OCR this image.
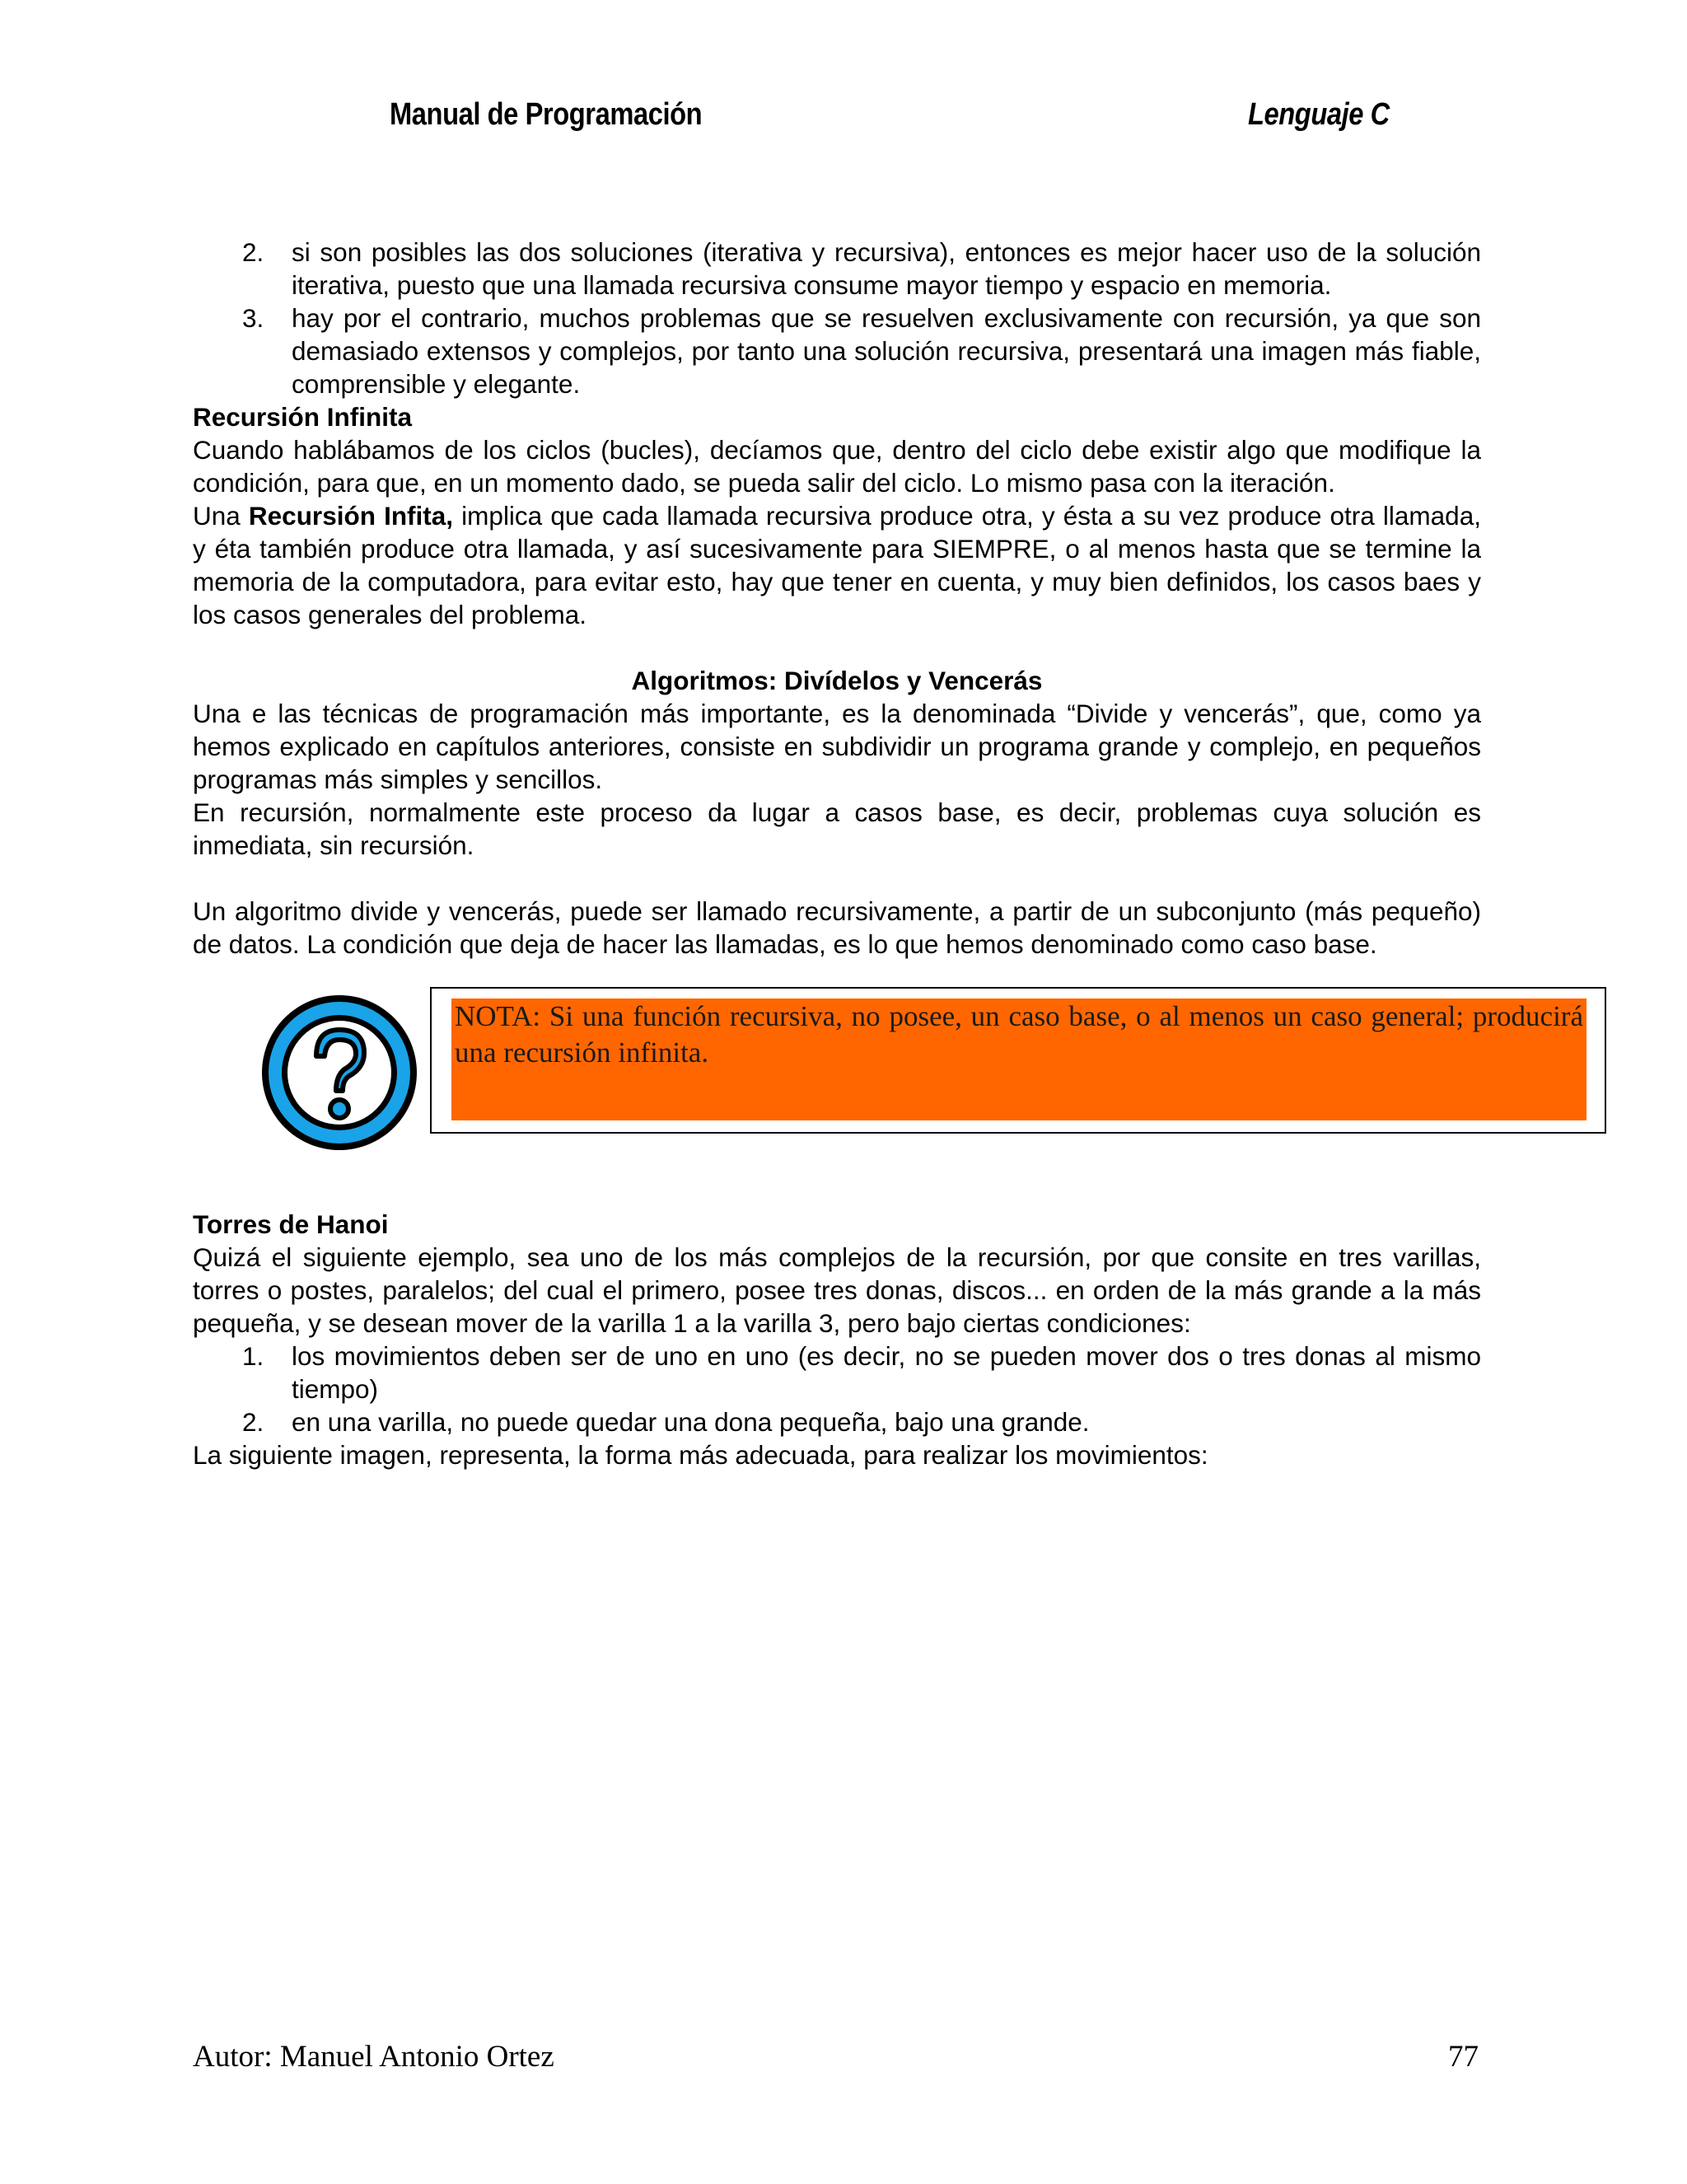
Manual de Programación	Lenguaje C
2. si son posibles las dos soluciones (iterativa y recursiva), entonces es mejor hacer uso de la solución iterativa, puesto que una llamada recursiva consume mayor tiempo y espacio en memoria.
3. hay por el contrario, muchos problemas que se resuelven exclusivamente con recursión, ya que son demasiado extensos y complejos, por tanto una solución recursiva, presentará una imagen más fiable, comprensible y elegante.

Recursión Infinita

Cuando hablábamos de los ciclos (bucles), decíamos que, dentro del ciclo debe existir algo que modifique la condición, para que, en un momento dado, se pueda salir del ciclo. Lo mismo pasa con la iteración.

Una Recursión Infita, implica que cada llamada recursiva produce otra, y ésta a su vez produce otra llamada, y éta también produce otra llamada, y así sucesivamente para SIEMPRE, o al menos hasta que se termine la memoria de la computadora, para evitar esto, hay que tener en cuenta, y muy bien definidos, los casos baes y los casos generales del problema.

Algoritmos: Divídelos y Vencerás

Una e las técnicas de programación más importante, es la denominada “Divide y vencerás”, que, como ya hemos explicado en capítulos anteriores, consiste en subdividir un programa grande y complejo, en pequeños programas más simples y sencillos.

En recursión, normalmente este proceso da lugar a casos base, es decir, problemas cuya solución es inmediata, sin recursión.

Un algoritmo divide y vencerás, puede ser llamado recursivamente, a partir de un subconjunto (más pequeño) de datos. La condición que deja de hacer las llamadas, es lo que hemos denominado como caso base.

NOTA: Si una función recursiva, no posee, un caso base, o al menos un caso general; producirá una recursión infinita.

Torres de Hanoi

Quizá el siguiente ejemplo, sea uno de los más complejos de la recursión, por que consite en tres varillas, torres o postes, paralelos; del cual el primero, posee tres donas, discos... en orden de la más grande a la más pequeña, y se desean mover de la varilla 1 a la varilla 3, pero bajo ciertas condiciones:

1. los movimientos deben ser de uno en uno (es decir, no se pueden mover dos o tres donas al mismo tiempo)
2. en una varilla, no puede quedar una dona pequeña, bajo una grande.

La siguiente imagen, representa, la forma más adecuada, para realizar los movimientos:

Autor: Manuel Antonio Ortez	77
